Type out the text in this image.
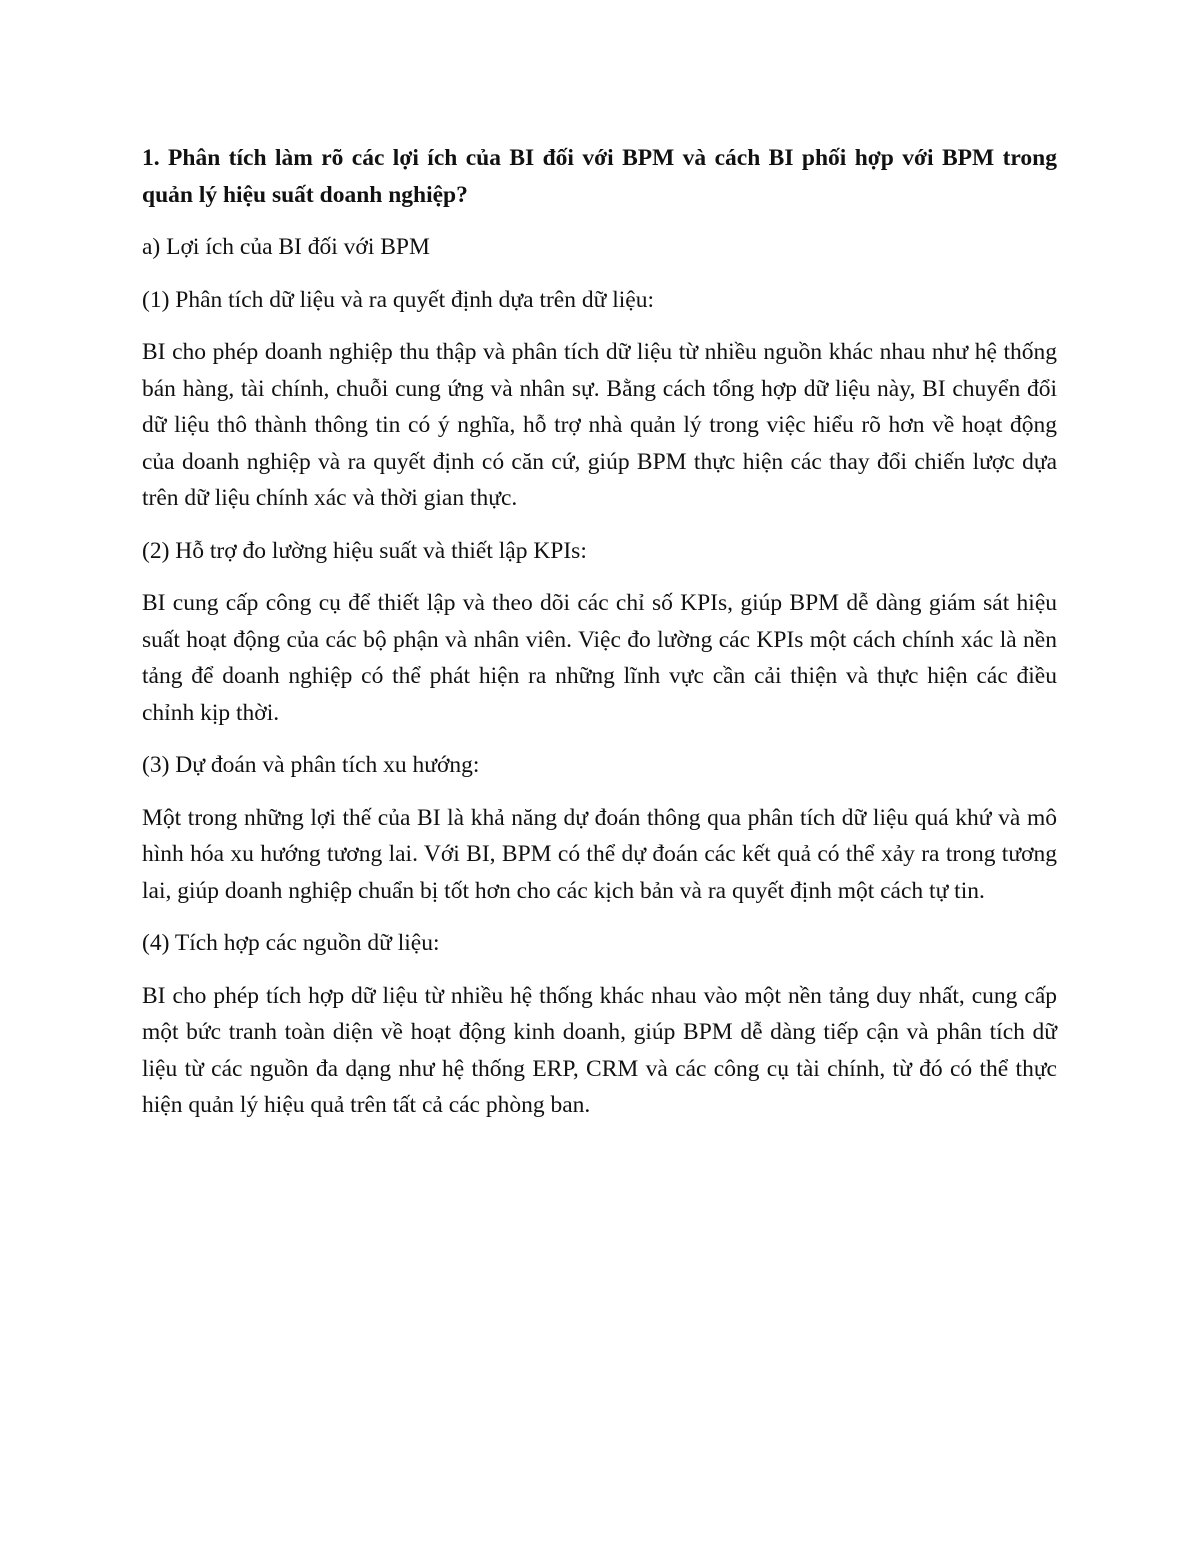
1. Phân tích làm rõ các lợi ích của BI đối với BPM và cách BI phối hợp với BPM trong quản lý hiệu suất doanh nghiệp?

a) Lợi ích của BI đối với BPM

(1) Phân tích dữ liệu và ra quyết định dựa trên dữ liệu:

BI cho phép doanh nghiệp thu thập và phân tích dữ liệu từ nhiều nguồn khác nhau như hệ thống bán hàng, tài chính, chuỗi cung ứng và nhân sự. Bằng cách tổng hợp dữ liệu này, BI chuyển đổi dữ liệu thô thành thông tin có ý nghĩa, hỗ trợ nhà quản lý trong việc hiểu rõ hơn về hoạt động của doanh nghiệp và ra quyết định có căn cứ, giúp BPM thực hiện các thay đổi chiến lược dựa trên dữ liệu chính xác và thời gian thực.

(2) Hỗ trợ đo lường hiệu suất và thiết lập KPIs:

BI cung cấp công cụ để thiết lập và theo dõi các chỉ số KPIs, giúp BPM dễ dàng giám sát hiệu suất hoạt động của các bộ phận và nhân viên. Việc đo lường các KPIs một cách chính xác là nền tảng để doanh nghiệp có thể phát hiện ra những lĩnh vực cần cải thiện và thực hiện các điều chỉnh kịp thời.

(3) Dự đoán và phân tích xu hướng:

Một trong những lợi thế của BI là khả năng dự đoán thông qua phân tích dữ liệu quá khứ và mô hình hóa xu hướng tương lai. Với BI, BPM có thể dự đoán các kết quả có thể xảy ra trong tương lai, giúp doanh nghiệp chuẩn bị tốt hơn cho các kịch bản và ra quyết định một cách tự tin.

(4) Tích hợp các nguồn dữ liệu:

BI cho phép tích hợp dữ liệu từ nhiều hệ thống khác nhau vào một nền tảng duy nhất, cung cấp một bức tranh toàn diện về hoạt động kinh doanh, giúp BPM dễ dàng tiếp cận và phân tích dữ liệu từ các nguồn đa dạng như hệ thống ERP, CRM và các công cụ tài chính, từ đó có thể thực hiện quản lý hiệu quả trên tất cả các phòng ban.
